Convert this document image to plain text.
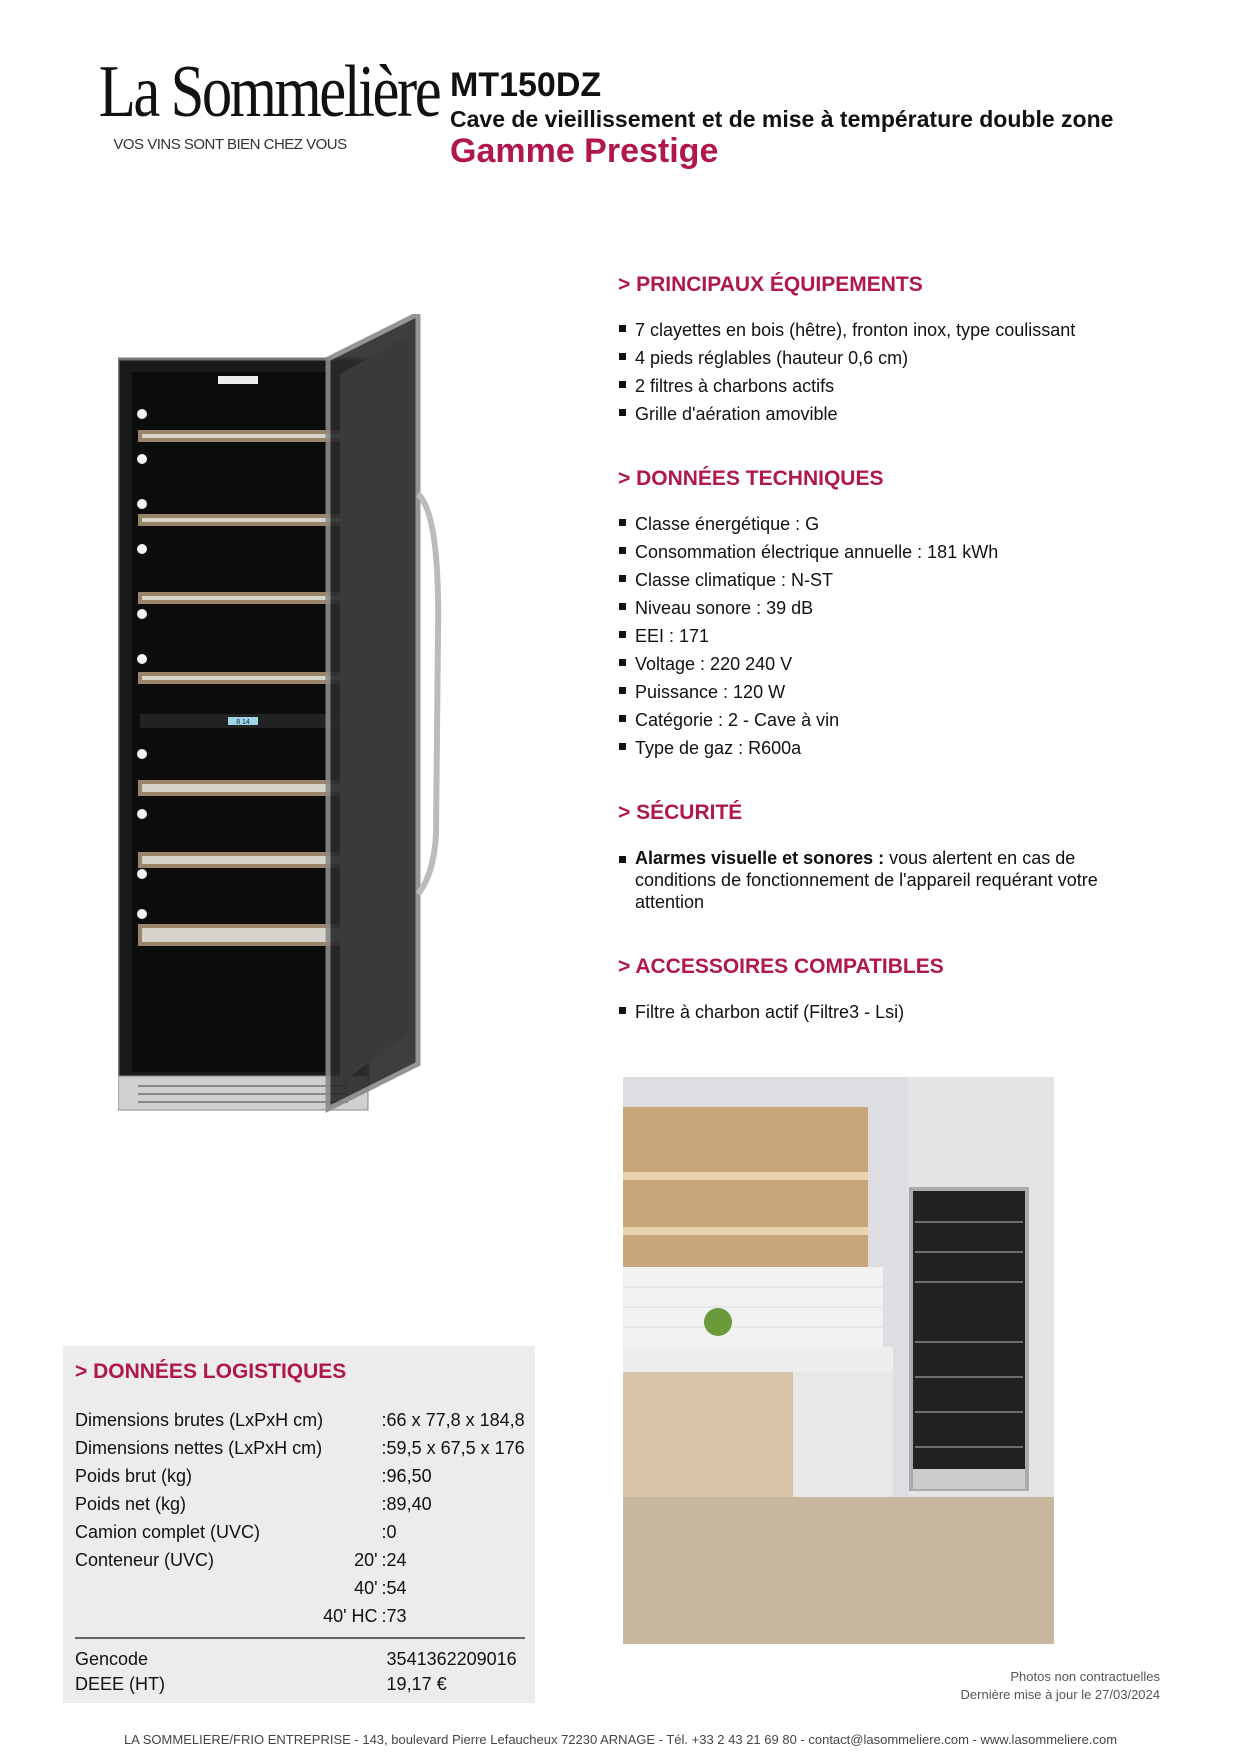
La Sommelière
VOS VINS SONT BIEN CHEZ VOUS
MT150DZ
Cave de vieillissement et de mise à température double zone
Gamme Prestige
8 14
> PRINCIPAUX ÉQUIPEMENTS
7 clayettes en bois (hêtre), fronton inox, type coulissant
4 pieds réglables (hauteur 0,6 cm)
2 filtres à charbons actifs
Grille d'aération amovible
> DONNÉES TECHNIQUES
Classe énergétique : G
Consommation électrique annuelle : 181 kWh
Classe climatique : N-ST
Niveau sonore : 39 dB
EEI : 171
Voltage : 220 240 V
Puissance : 120 W
Catégorie : 2 - Cave à vin
Type de gaz : R600a
> SÉCURITÉ
Alarmes visuelle et sonores : vous alertent en cas de conditions de fonctionnement de l'appareil requérant votre attention
> ACCESSOIRES COMPATIBLES
Filtre à charbon actif (Filtre3 - Lsi)
> DONNÉES LOGISTIQUES
Dimensions brutes (LxPxH cm)		:	66 x 77,8 x 184,8
Dimensions nettes (LxPxH cm)		:	59,5 x 67,5 x 176
Poids brut (kg)		:	96,50
Poids net (kg)		:	89,40
Camion complet (UVC)		:	0
Conteneur (UVC)	20'	:	24
	40'	:	54
	40' HC	:	73

Gencode			3541362209016
DEEE (HT)			19,17 €	Photos non contractuelles
Dernière mise à jour le 27/03/2024
LA SOMMELIERE/FRIO ENTREPRISE - 143, boulevard Pierre Lefaucheux 72230 ARNAGE - Tél. +33 2 43 21 69 80 - contact@lasommeliere.com - www.lasommeliere.com
